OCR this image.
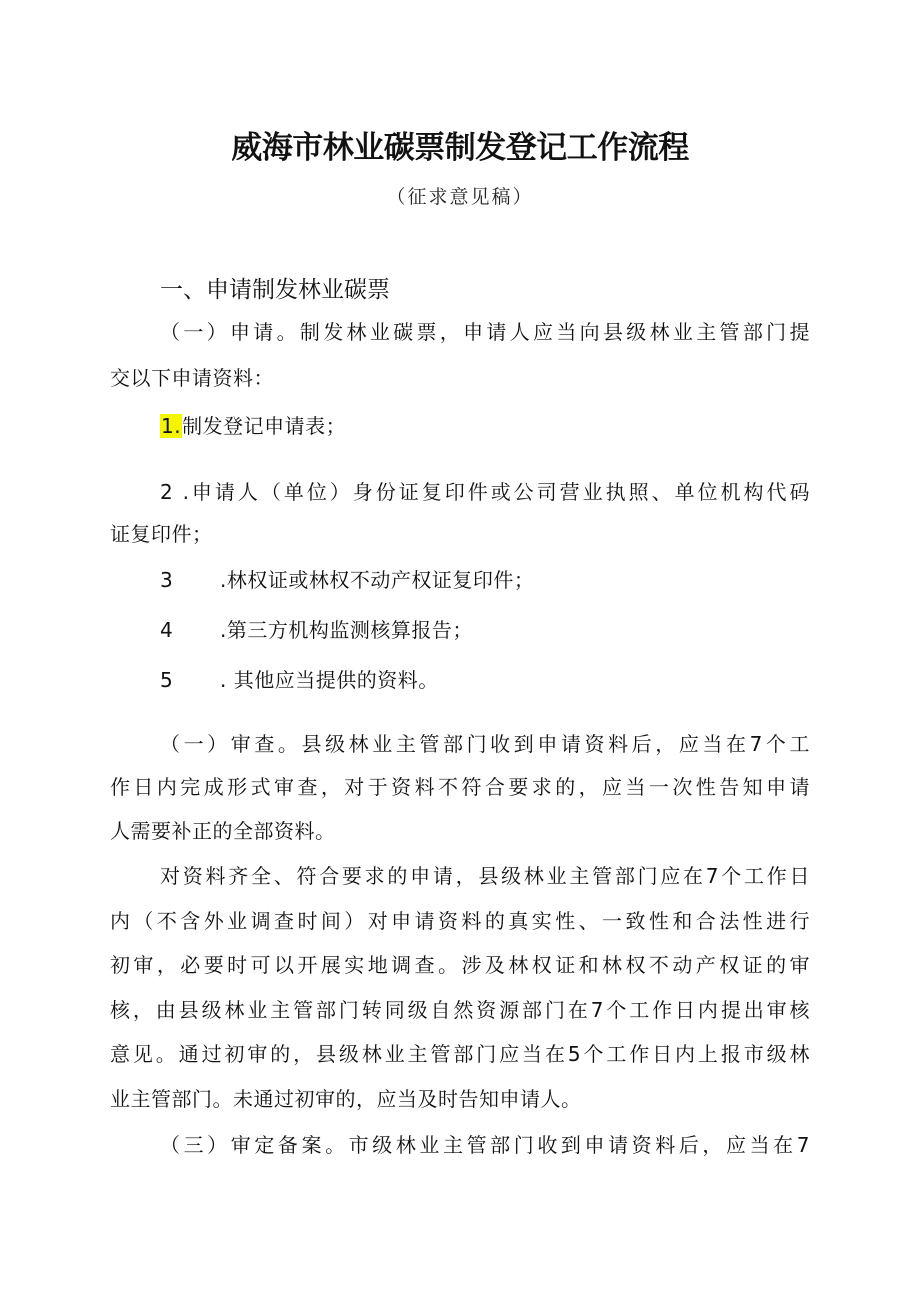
威海市林业碳票制发登记工作流程
（征求意见稿）
一、申请制发林业碳票
（一）申请。制发林业碳票，申请人应当向县级林业主管部门提
交以下申请资料：
1.制发登记申请表；
2 .申请人（单位）身份证复印件或公司营业执照、单位机构代码
证复印件；
3 .林权证或林权不动产权证复印件；
4 .第三方机构监测核算报告；
5 . 其他应当提供的资料。
（一）审查。县级林业主管部门收到申请资料后，应当在7个工
作日内完成形式审查，对于资料不符合要求的，应当一次性告知申请
人需要补正的全部资料。
对资料齐全、符合要求的申请，县级林业主管部门应在7个工作日
内（不含外业调查时间）对申请资料的真实性、一致性和合法性进行
初审，必要时可以开展实地调查。涉及林权证和林权不动产权证的审
核，由县级林业主管部门转同级自然资源部门在7个工作日内提出审核
意见。通过初审的，县级林业主管部门应当在5个工作日内上报市级林
业主管部门。未通过初审的，应当及时告知申请人。
（三）审定备案。市级林业主管部门收到申请资料后，应当在7
